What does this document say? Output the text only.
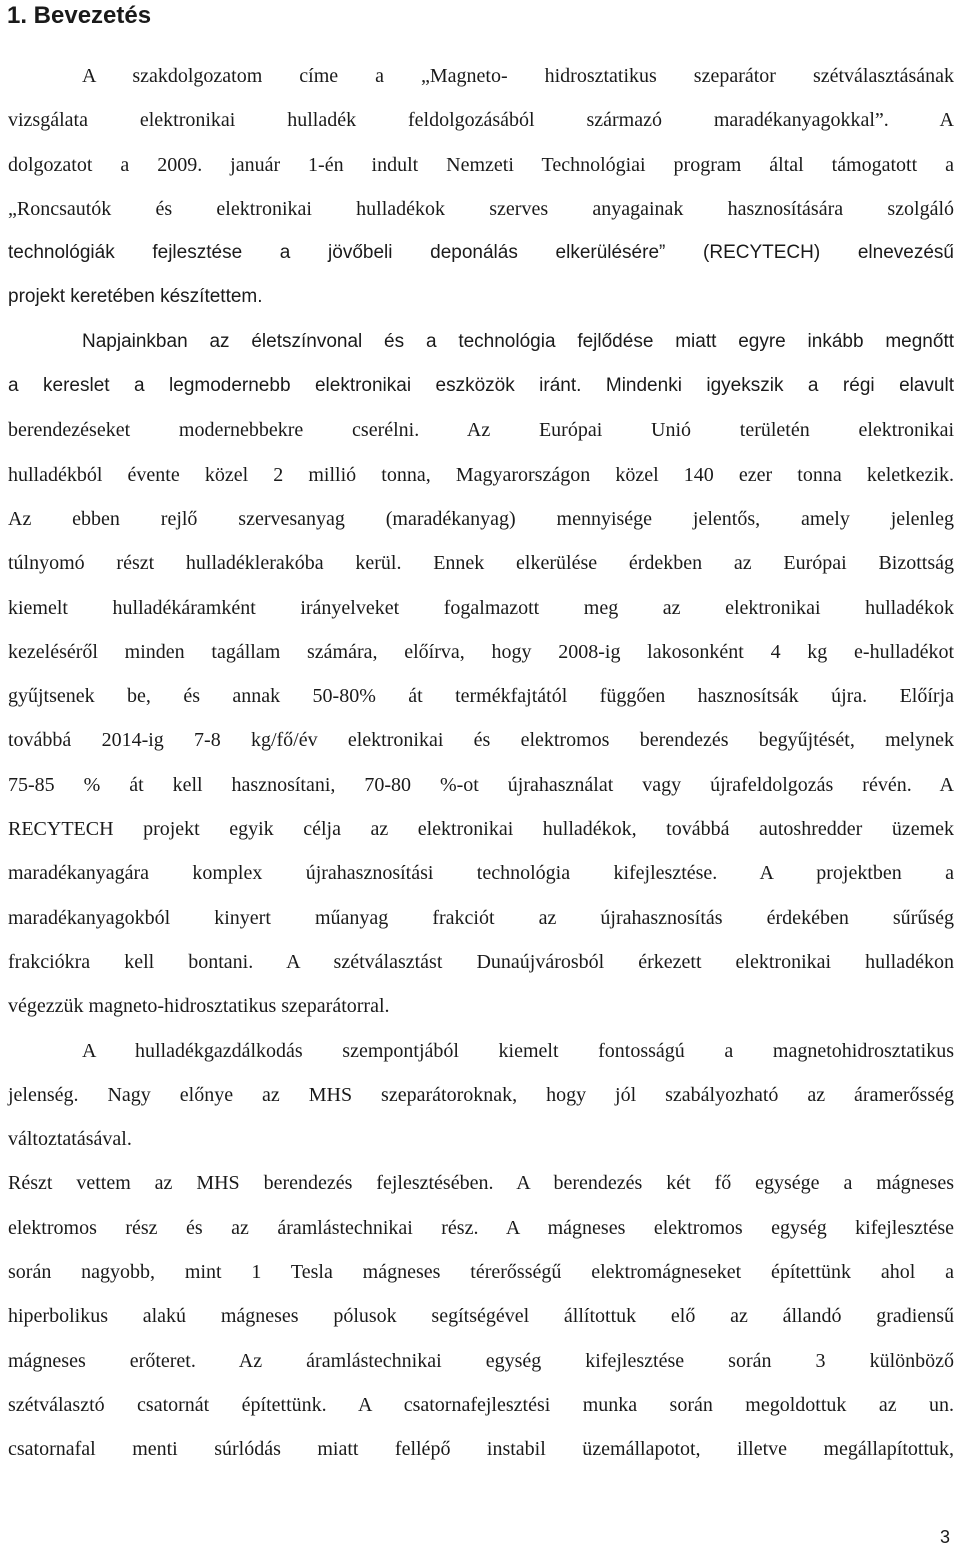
1. Bevezetés
A szakdolgozatom címe a „Magneto- hidrosztatikus szeparátor szétválasztásának
vizsgálata elektronikai hulladék feldolgozásából származó maradékanyagokkal”. A
dolgozatot a 2009. január 1-én indult Nemzeti Technológiai program által támogatott a
„Roncsautók és elektronikai hulladékok szerves anyagainak hasznosítására szolgáló
technológiák fejlesztése a jövőbeli deponálás elkerülésére” (RECYTECH) elnevezésű
projekt keretében készítettem.
Napjainkban az életszínvonal és a technológia fejlődése miatt egyre inkább megnőtt
a kereslet a legmodernebb elektronikai eszközök iránt. Mindenki igyekszik a régi elavult
berendezéseket modernebbekre cserélni. Az Európai Unió területén elektronikai
hulladékból évente közel 2 millió tonna, Magyarországon közel 140 ezer tonna keletkezik.
Az ebben rejlő szervesanyag (maradékanyag) mennyisége jelentős, amely jelenleg
túlnyomó részt hulladéklerakóba kerül. Ennek elkerülése érdekben az Európai Bizottság
kiemelt hulladékáramként irányelveket fogalmazott meg az elektronikai hulladékok
kezeléséről minden tagállam számára, előírva, hogy 2008-ig lakosonként 4 kg e-hulladékot
gyűjtsenek be, és annak 50-80% át termékfajtától függően hasznosítsák újra. Előírja
továbbá 2014-ig 7-8 kg/fő/év elektronikai és elektromos berendezés begyűjtését, melynek
75-85 % át kell hasznosítani, 70-80 %-ot újrahasználat vagy újrafeldolgozás révén. A
RECYTECH projekt egyik célja az elektronikai hulladékok, továbbá autoshredder üzemek
maradékanyagára komplex újrahasznosítási technológia kifejlesztése. A projektben a
maradékanyagokból kinyert műanyag frakciót az újrahasznosítás érdekében sűrűség
frakciókra kell bontani. A szétválasztást Dunaújvárosból érkezett elektronikai hulladékon
végezzük magneto-hidrosztatikus szeparátorral.
A hulladékgazdálkodás szempontjából kiemelt fontosságú a magnetohidrosztatikus
jelenség. Nagy előnye az MHS szeparátoroknak, hogy jól szabályozható az áramerősség
változtatásával.
Részt vettem az MHS berendezés fejlesztésében. A berendezés két fő egysége a mágneses
elektromos rész és az áramlástechnikai rész. A mágneses elektromos egység kifejlesztése
során nagyobb, mint 1 Tesla mágneses térerősségű elektromágneseket építettünk ahol a
hiperbolikus alakú mágneses pólusok segítségével állítottuk elő az állandó gradiensű
mágneses erőteret. Az áramlástechnikai egység kifejlesztése során 3 különböző
szétválasztó csatornát építettünk. A csatornafejlesztési munka során megoldottuk az un.
csatornafal menti súrlódás miatt fellépő instabil üzemállapotot, illetve megállapítottuk,
3
